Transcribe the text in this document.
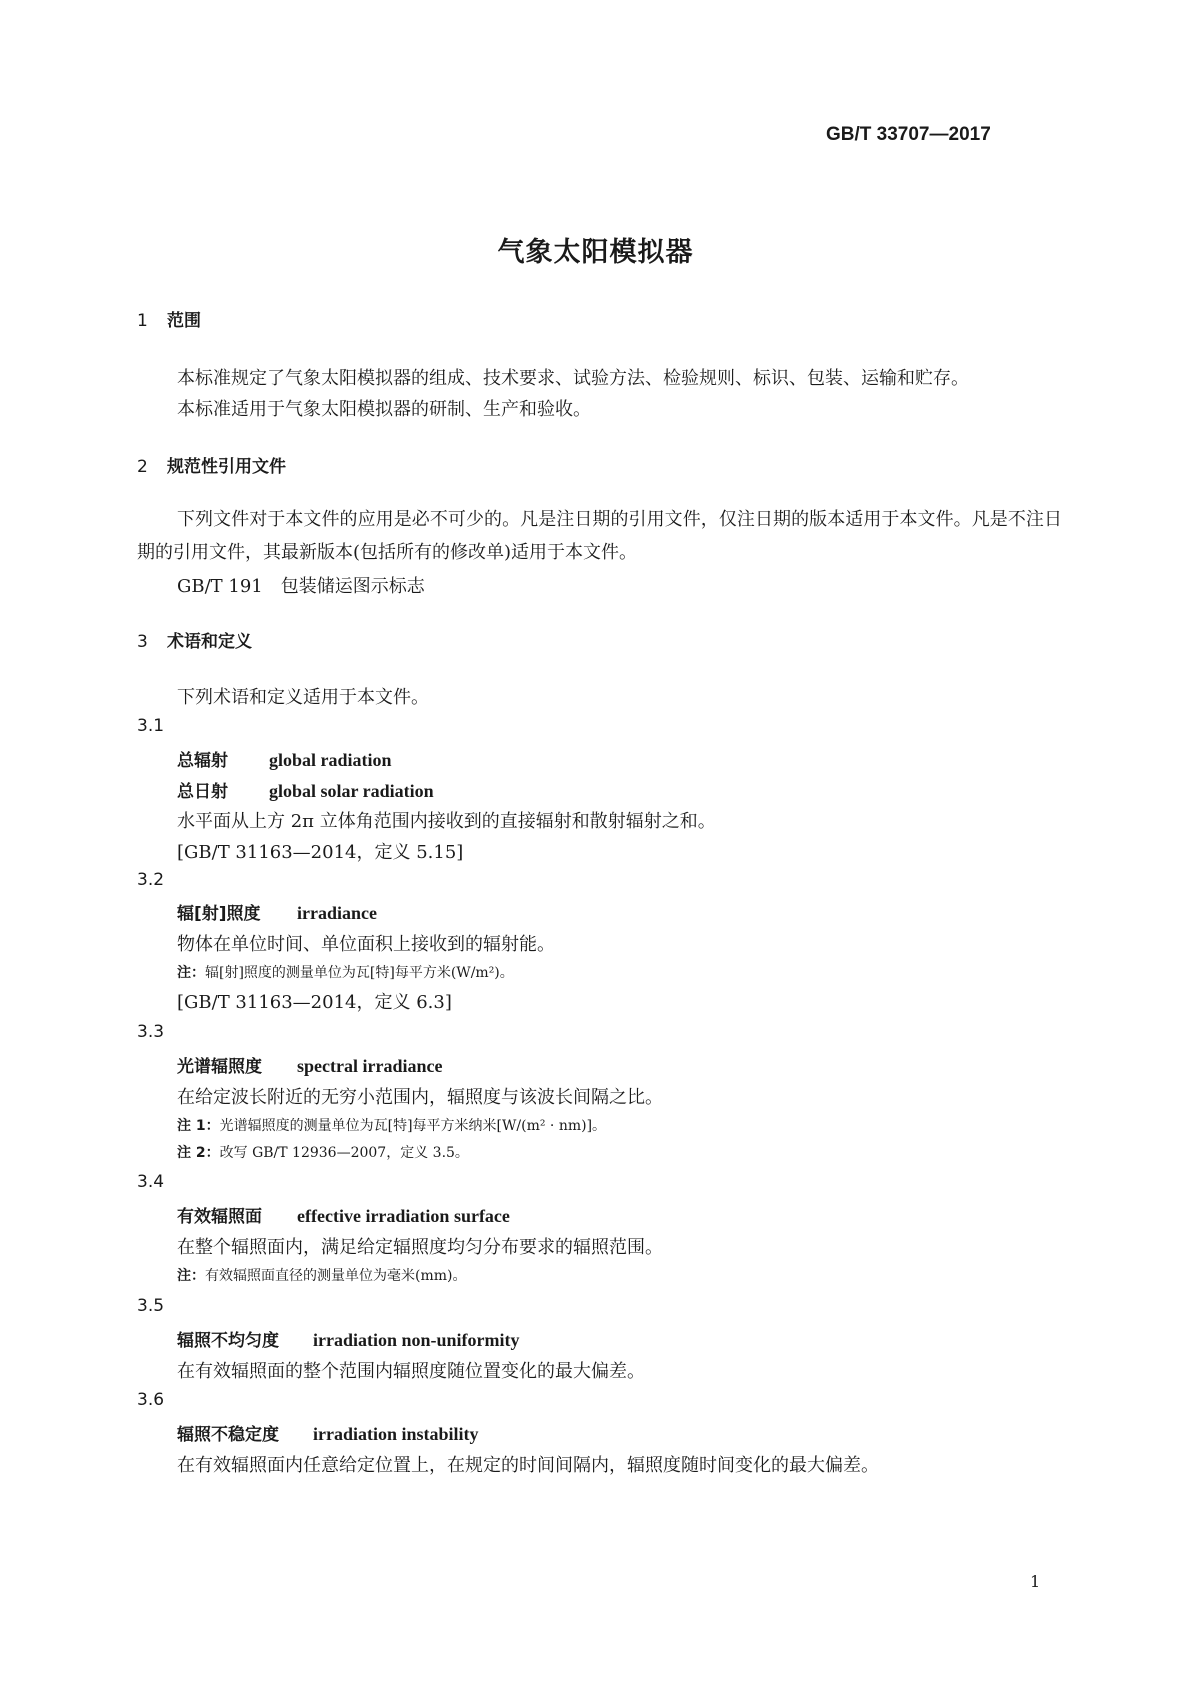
GB/T 33707—2017
气象太阳模拟器
1 范围
本标准规定了气象太阳模拟器的组成、技术要求、试验方法、检验规则、标识、包装、运输和贮存。
本标准适用于气象太阳模拟器的研制、生产和验收。
2 规范性引用文件
下列文件对于本文件的应用是必不可少的。凡是注日期的引用文件，仅注日期的版本适用于本文件。凡是不注日期的引用文件，其最新版本(包括所有的修改单)适用于本文件。
GB/T 191　包装储运图示标志
3 术语和定义
下列术语和定义适用于本文件。
3.1
总辐射 global radiation
总日射 global solar radiation
水平面从上方 2π 立体角范围内接收到的直接辐射和散射辐射之和。
[GB/T 31163—2014，定义 5.15]
3.2
辐[射]照度 irradiance
物体在单位时间、单位面积上接收到的辐射能。
注：辐[射]照度的测量单位为瓦[特]每平方米(W/m²)。
[GB/T 31163—2014，定义 6.3]
3.3
光谱辐照度 spectral irradiance
在给定波长附近的无穷小范围内，辐照度与该波长间隔之比。
注 1：光谱辐照度的测量单位为瓦[特]每平方米纳米[W/(m² · nm)]。
注 2：改写 GB/T 12936—2007，定义 3.5。
3.4
有效辐照面 effective irradiation surface
在整个辐照面内，满足给定辐照度均匀分布要求的辐照范围。
注：有效辐照面直径的测量单位为毫米(mm)。
3.5
辐照不均匀度 irradiation non-uniformity
在有效辐照面的整个范围内辐照度随位置变化的最大偏差。
3.6
辐照不稳定度 irradiation instability
在有效辐照面内任意给定位置上，在规定的时间间隔内，辐照度随时间变化的最大偏差。
1
